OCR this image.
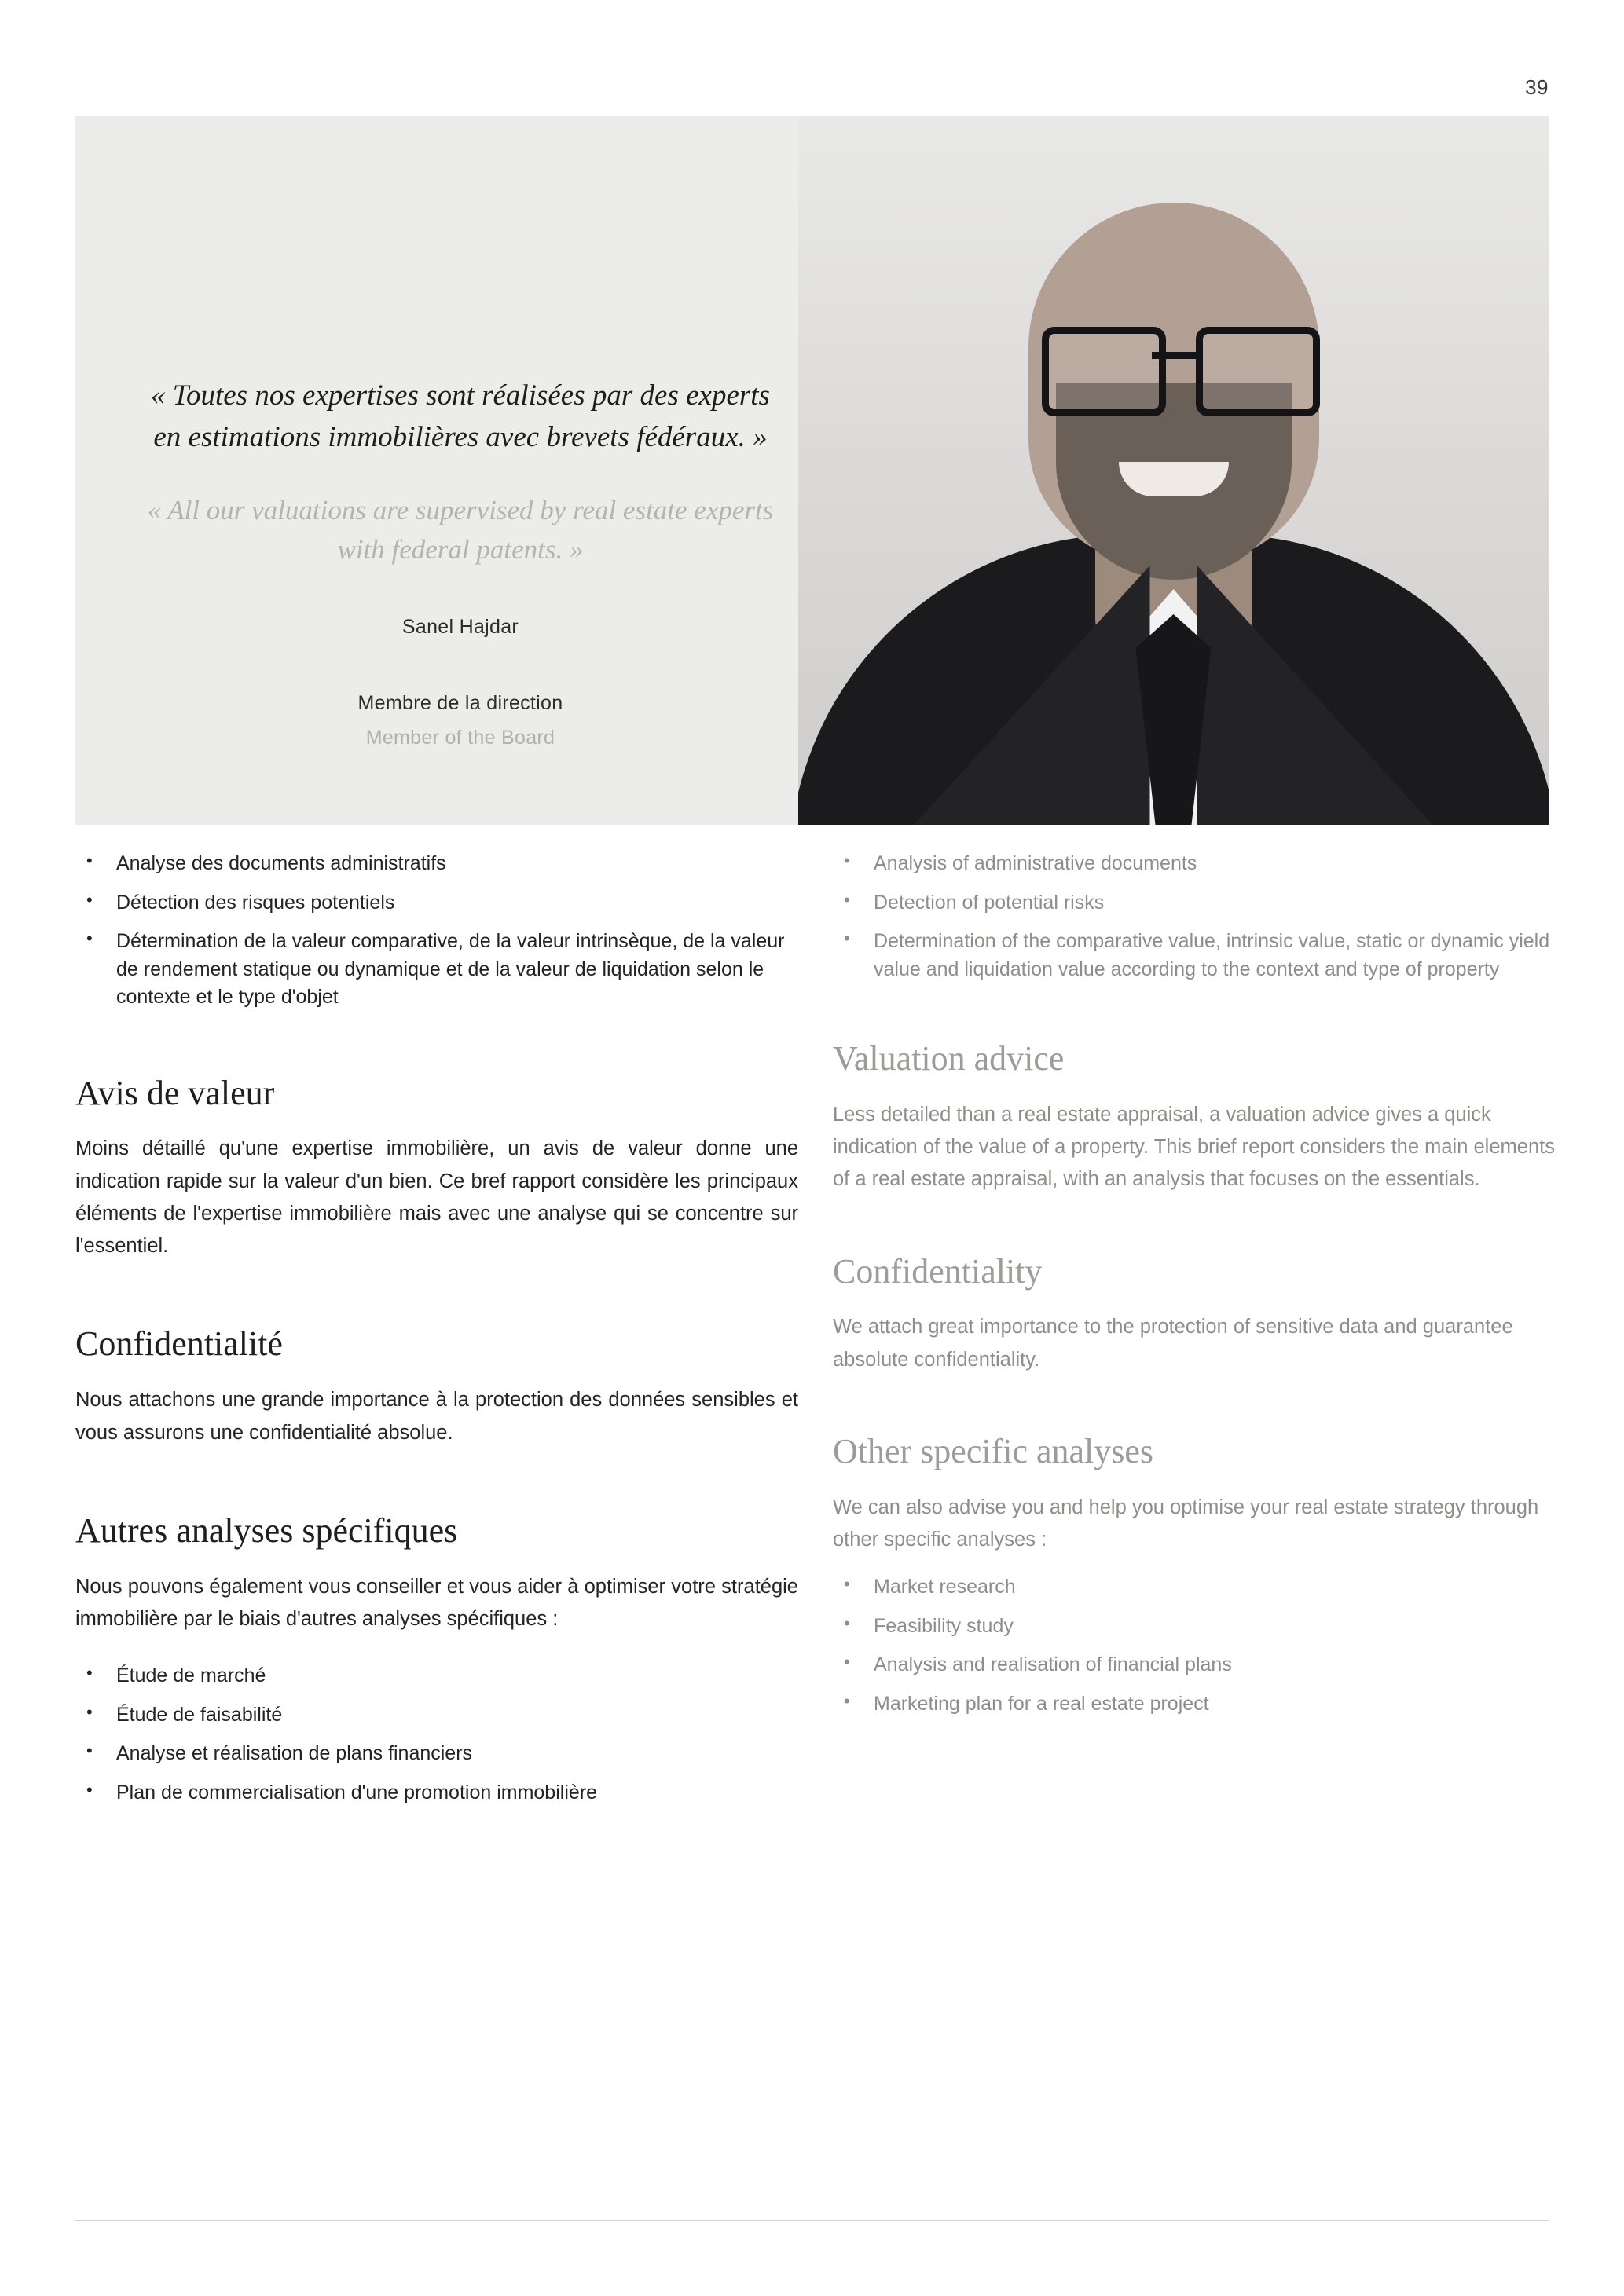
39
« Toutes nos expertises sont réalisées par des experts en estimations immobilières avec brevets fédéraux. »
« All our valuations are supervised by real estate experts with federal patents. »
Sanel Hajdar
Membre de la direction
Member of the Board
• Analyse des documents administratifs
• Détection des risques potentiels
• Détermination de la valeur comparative, de la valeur intrinsèque, de la valeur de rendement statique ou dynamique et de la valeur de liquidation selon le contexte et le type d'objet
Avis de valeur

Moins détaillé qu'une expertise immobilière, un avis de valeur donne une indication rapide sur la valeur d'un bien. Ce bref rapport considère les principaux éléments de l'expertise immobilière mais avec une analyse qui se concentre sur l'essentiel.

Confidentialité

Nous attachons une grande importance à la protection des données sensibles et vous assurons une confidentialité absolue.

Autres analyses spécifiques

Nous pouvons également vous conseiller et vous aider à optimiser votre stratégie immobilière par le biais d'autres analyses spécifiques :

• Étude de marché
• Étude de faisabilité
• Analyse et réalisation de plans financiers
• Plan de commercialisation d'une promotion immobilière
• Analysis of administrative documents
• Detection of potential risks
• Determination of the comparative value, intrinsic value, static or dynamic yield value and liquidation value according to the context and type of property
Valuation advice

Less detailed than a real estate appraisal, a valuation advice gives a quick indication of the value of a property. This brief report considers the main elements of a real estate appraisal, with an analysis that focuses on the essentials.

Confidentiality

We attach great importance to the protection of sensitive data and guarantee absolute confidentiality.

Other specific analyses

We can also advise you and help you optimise your real estate strategy through other specific analyses :

• Market research
• Feasibility study
• Analysis and realisation of financial plans
• Marketing plan for a real estate project
